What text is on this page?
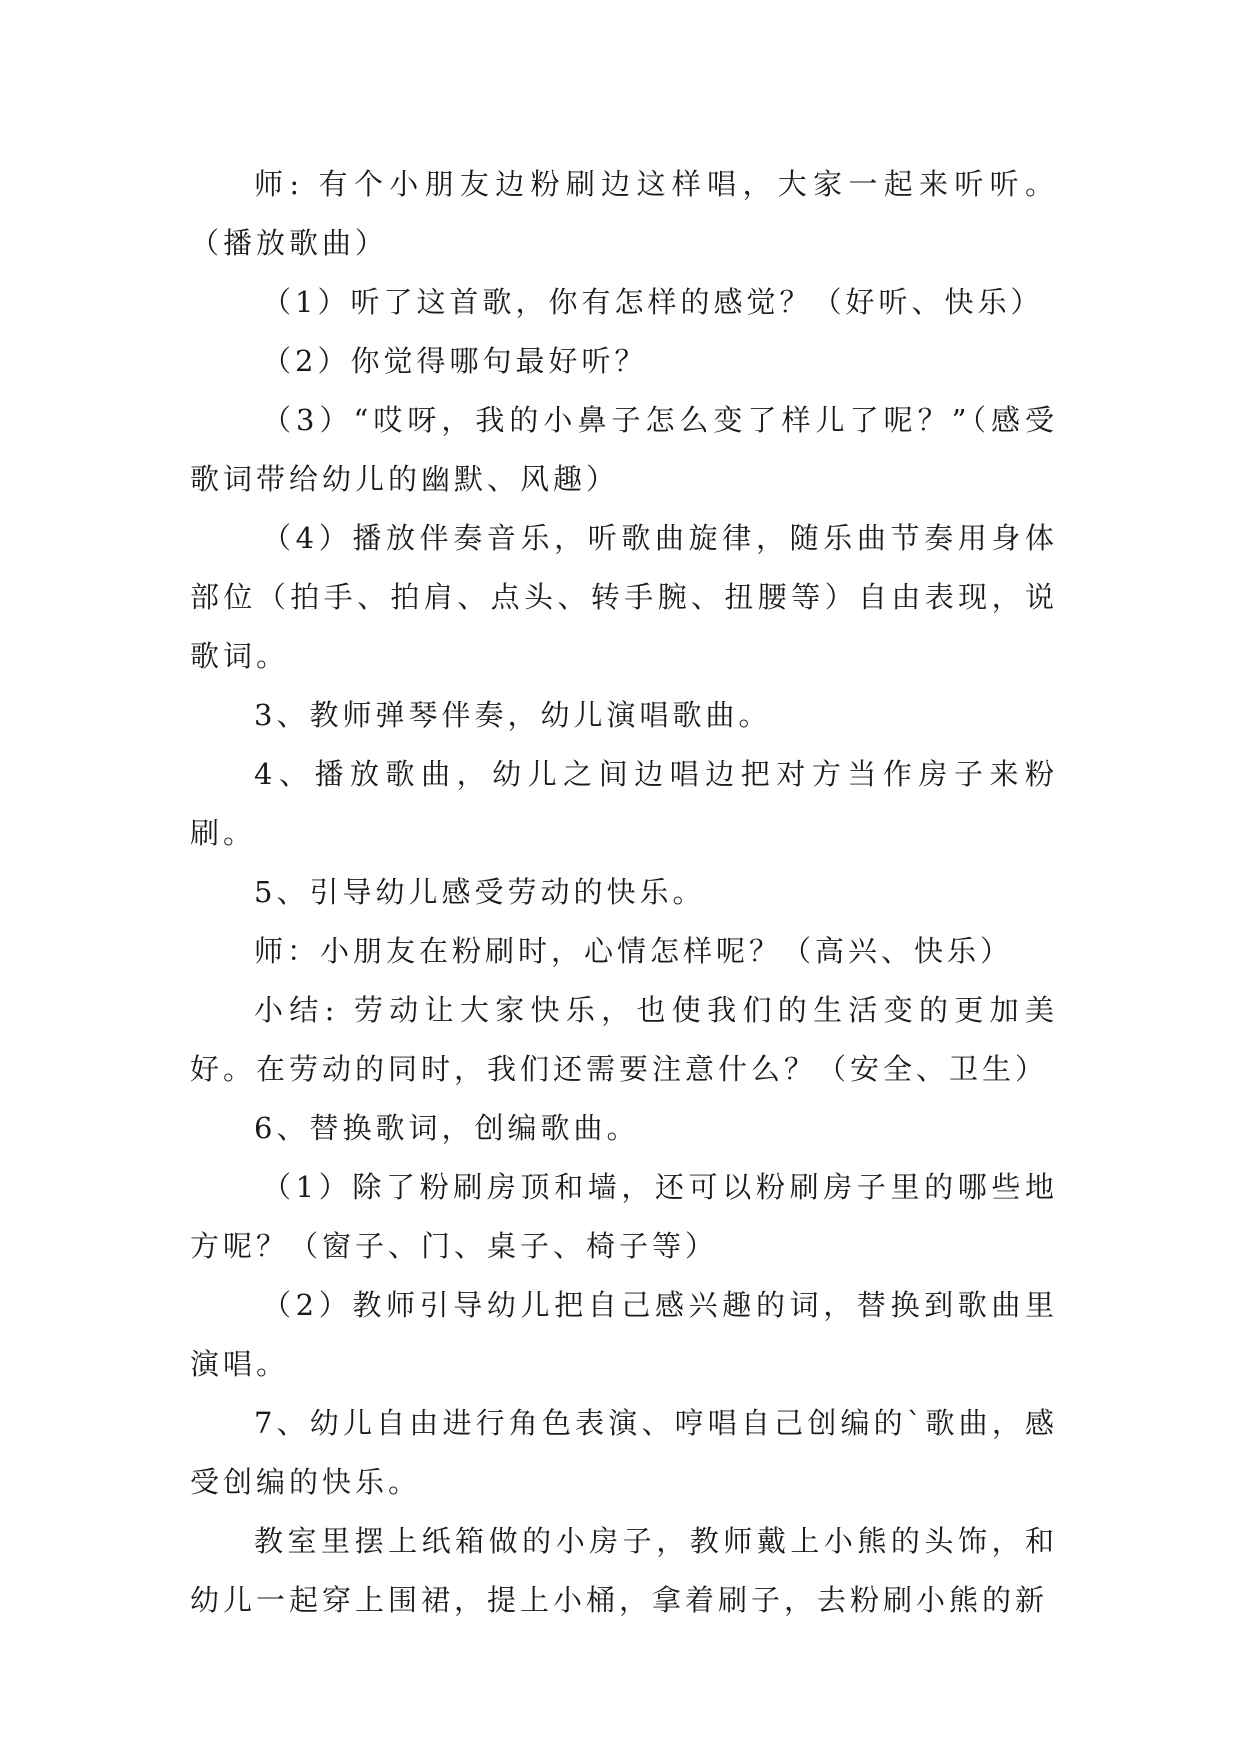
师: 有个小朋友边粉刷边这样唱，大家一起来听听。（播放歌曲）

（1）听了这首歌，你有怎样的感觉？（好听、快乐）

（2）你觉得哪句最好听？

（3）“哎呀，我的小鼻子怎么变了样儿了呢？”（感受歌词带给幼儿的幽默、风趣）

（4）播放伴奏音乐，听歌曲旋律，随乐曲节奏用身体部位（拍手、拍肩、点头、转手腕、扭腰等）自由表现，说歌词。

3、教师弹琴伴奏，幼儿演唱歌曲。

4、播放歌曲，幼儿之间边唱边把对方当作房子来粉刷。

5、引导幼儿感受劳动的快乐。

师：小朋友在粉刷时，心情怎样呢？（高兴、快乐）

小结: 劳动让大家快乐，也使我们的生活变的更加美好。在劳动的同时，我们还需要注意什么？（安全、卫生）

6、替换歌词，创编歌曲。

（1）除了粉刷房顶和墙，还可以粉刷房子里的哪些地方呢？（窗子、门、桌子、椅子等）

（2）教师引导幼儿把自己感兴趣的词，替换到歌曲里演唱。

7、幼儿自由进行角色表演、哼唱自己创编的`歌曲，感受创编的快乐。

教室里摆上纸箱做的小房子，教师戴上小熊的头饰，和幼儿一起穿上围裙，提上小桶，拿着刷子，去粉刷小熊的新
